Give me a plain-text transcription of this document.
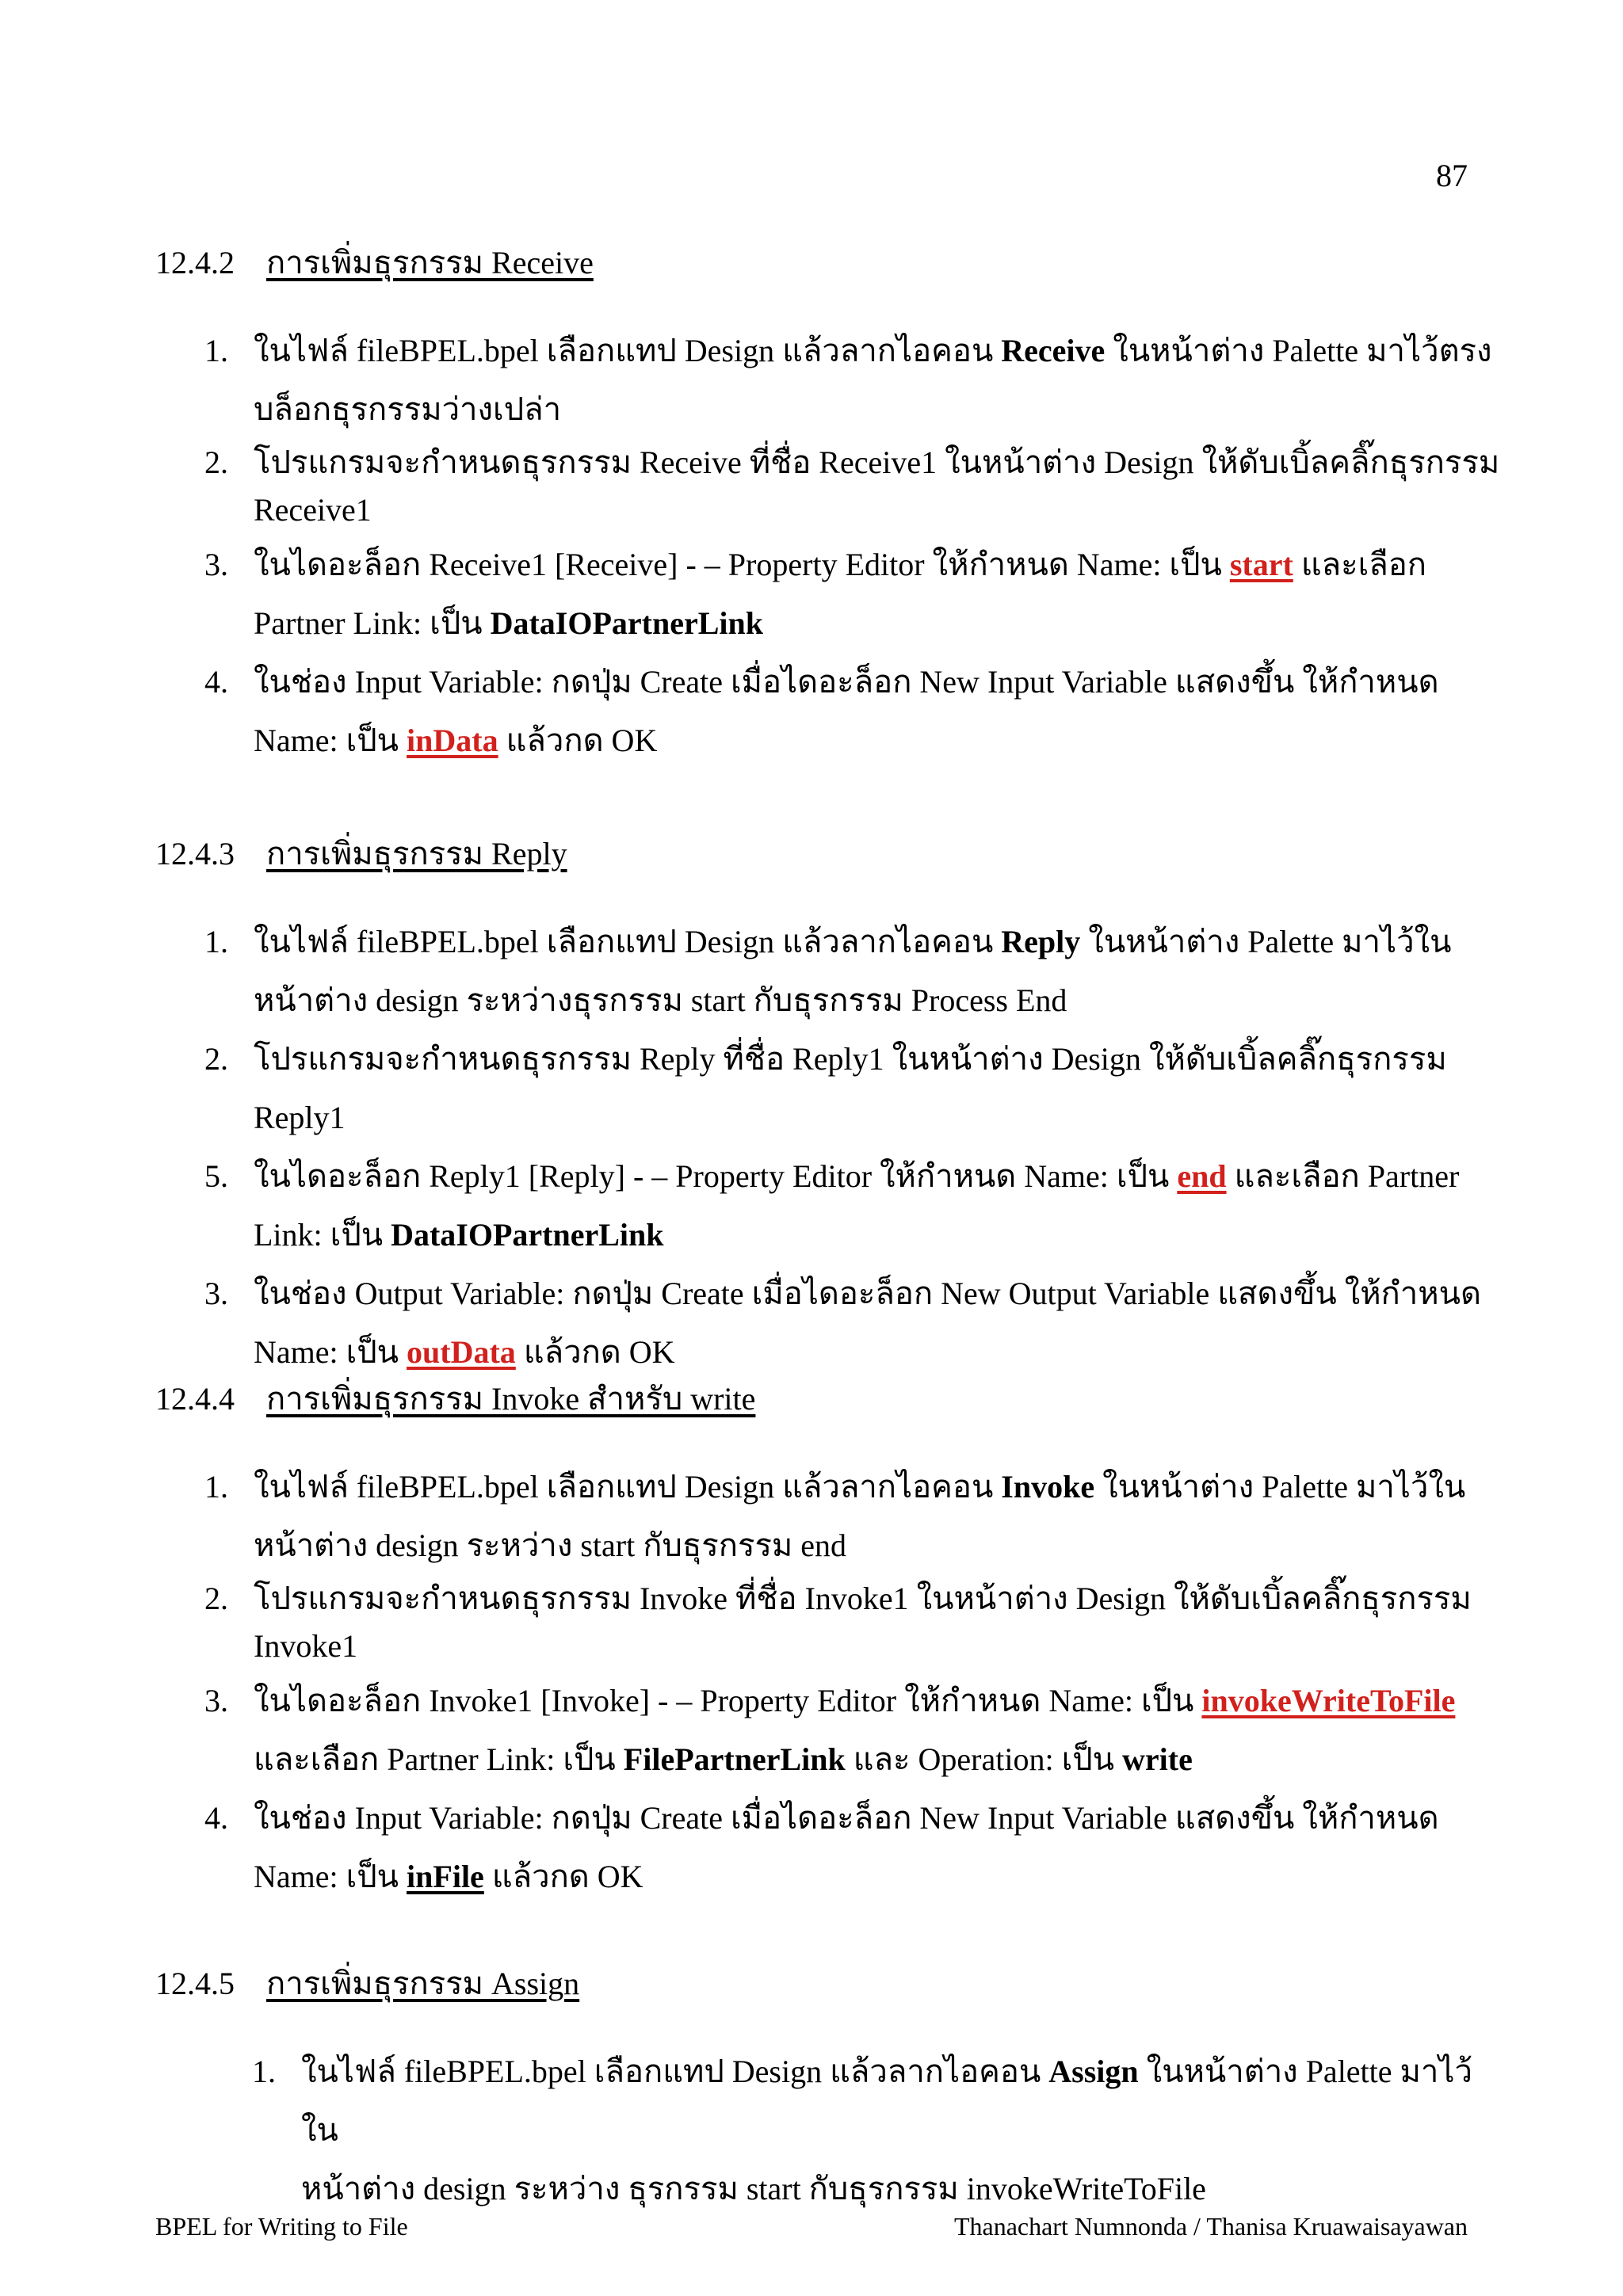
87
12.4.2 การเพิ่มธุรกรรม Receive
1. ในไฟล์ fileBPEL.bpel เลือกแทป Design แล้วลากไอคอน Receive ในหน้าต่าง Palette มาไว้ตรง
บล็อกธุรกรรมว่างเปล่า
2. โปรแกรมจะกำหนดธุรกรรม Receive ที่ชื่อ Receive1 ในหน้าต่าง Design ให้ดับเบิ้ลคลิ๊กธุรกรรม
Receive1
3. ในไดอะล็อก Receive1 [Receive] - – Property Editor ให้กำหนด Name: เป็น start และเลือก
Partner Link: เป็น DataIOPartnerLink
4. ในช่อง Input Variable: กดปุ่ม Create เมื่อไดอะล็อก New Input Variable แสดงขึ้น ให้กำหนด
Name: เป็น inData แล้วกด OK
12.4.3 การเพิ่มธุรกรรม Reply
1. ในไฟล์ fileBPEL.bpel เลือกแทป Design แล้วลากไอคอน Reply ในหน้าต่าง Palette มาไว้ใน
หน้าต่าง design ระหว่างธุรกรรม start กับธุรกรรม Process End
2. โปรแกรมจะกำหนดธุรกรรม Reply ที่ชื่อ Reply1 ในหน้าต่าง Design ให้ดับเบิ้ลคลิ๊กธุรกรรม Reply1
5. ในไดอะล็อก Reply1 [Reply] - – Property Editor ให้กำหนด Name: เป็น end และเลือก Partner
Link: เป็น DataIOPartnerLink
3. ในช่อง Output Variable: กดปุ่ม Create เมื่อไดอะล็อก New Output Variable แสดงขึ้น ให้กำหนด
Name: เป็น outData แล้วกด OK
12.4.4 การเพิ่มธุรกรรม Invoke สำหรับ write
1. ในไฟล์ fileBPEL.bpel เลือกแทป Design แล้วลากไอคอน Invoke ในหน้าต่าง Palette มาไว้ใน
หน้าต่าง design ระหว่าง start กับธุรกรรม end
2. โปรแกรมจะกำหนดธุรกรรม Invoke ที่ชื่อ Invoke1 ในหน้าต่าง Design ให้ดับเบิ้ลคลิ๊กธุรกรรม
Invoke1
3. ในไดอะล็อก Invoke1 [Invoke] - – Property Editor ให้กำหนด Name: เป็น invokeWriteToFile
และเลือก Partner Link: เป็น FilePartnerLink และ Operation: เป็น write
4. ในช่อง Input Variable: กดปุ่ม Create เมื่อไดอะล็อก New Input Variable แสดงขึ้น ให้กำหนด
Name: เป็น inFile แล้วกด OK
12.4.5 การเพิ่มธุรกรรม Assign
1. ในไฟล์ fileBPEL.bpel เลือกแทป Design แล้วลากไอคอน Assign ในหน้าต่าง Palette มาไว้ใน
หน้าต่าง design ระหว่าง ธุรกรรม start กับธุรกรรม invokeWriteToFile
BPEL for Writing to File	Thanachart Numnonda / Thanisa Kruawaisayawan
